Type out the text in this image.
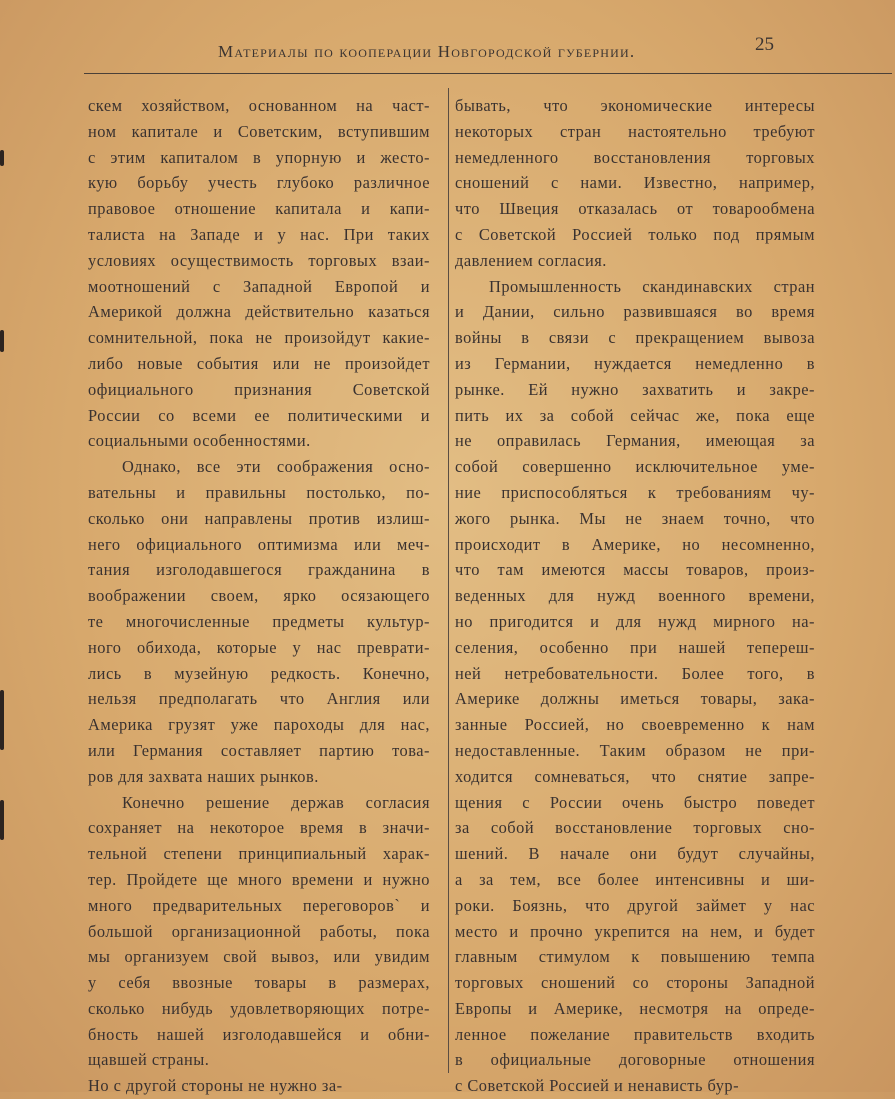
Материалы по кооперации Новгородской губернии.	25
скем хозяйством, основанном на част-
ном капитале и Советским, вступившим
с этим капиталом в упорную и жесто-
кую борьбу учесть глубоко различное
правовое отношение капитала и капи-
талиста на Западе и у нас. При таких
условиях осуществимость торговых взаи-
моотношений с Западной Европой и
Америкой должна действительно казаться
сомнительной, пока не произойдут какие-
либо новые события или не произойдет
официального признания Советской
России со всеми ее политическими и
социальными особенностями.
Однако, все эти соображения осно-
вательны и правильны постолько, по-
сколько они направлены против излиш-
него официального оптимизма или меч-
тания изголодавшегося гражданина в
воображении своем, ярко осязающего
те многочисленные предметы культур-
ного обихода, которые у нас преврати-
лись в музейную редкость. Конечно,
нельзя предполагать что Англия или
Америка грузят уже пароходы для нас,
или Германия составляет партию това-
ров для захвата наших рынков.
Конечно решение держав согласия
сохраняет на некоторое время в значи-
тельной степени принципиальный харак-
тер. Пройдете ще много времени и нужно
много предварительных переговоров` и
большой организационной работы, пока
мы организуем свой вывоз, или увидим
у себя ввозные товары в размерах,
сколько нибудь удовлетворяющих потре-
бность нашей изголодавшейся и обни-
щавшей страны.
Но с другой стороны не нужно за-
бывать, что экономические интересы
некоторых стран настоятельно требуют
немедленного восстановления торговых
сношений с нами. Известно, например,
что Швеция отказалась от товарообмена
с Советской Россией только под прямым
давлением согласия.
Промышленность скандинавских стран
и Дании, сильно развившаяся во время
войны в связи с прекращением вывоза
из Германии, нуждается немедленно в
рынке. Ей нужно захватить и закре-
пить их за собой сейчас же, пока еще
не оправилась Германия, имеющая за
собой совершенно исключительное уме-
ние приспособляться к требованиям чу-
жого рынка. Мы не знаем точно, что
происходит в Америке, но несомненно,
что там имеются массы товаров, произ-
веденных для нужд военного времени,
но пригодится и для нужд мирного на-
селения, особенно при нашей тепереш-
ней нетребовательности. Более того, в
Америке должны иметься товары, зака-
занные Россией, но своевременно к нам
недоставленные. Таким образом не при-
ходится сомневаться, что снятие запре-
щения с России очень быстро поведет
за собой восстановление торговых сно-
шений. В начале они будут случайны,
а за тем, все более интенсивны и ши-
роки. Боязнь, что другой займет у нас
место и прочно укрепится на нем, и будет
главным стимулом к повышению темпа
торговых сношений со стороны Западной
Европы и Америке, несмотря на опреде-
ленное пожелание правительств входить
в официальные договорные отношения
с Советской Россией и ненависть бур-
